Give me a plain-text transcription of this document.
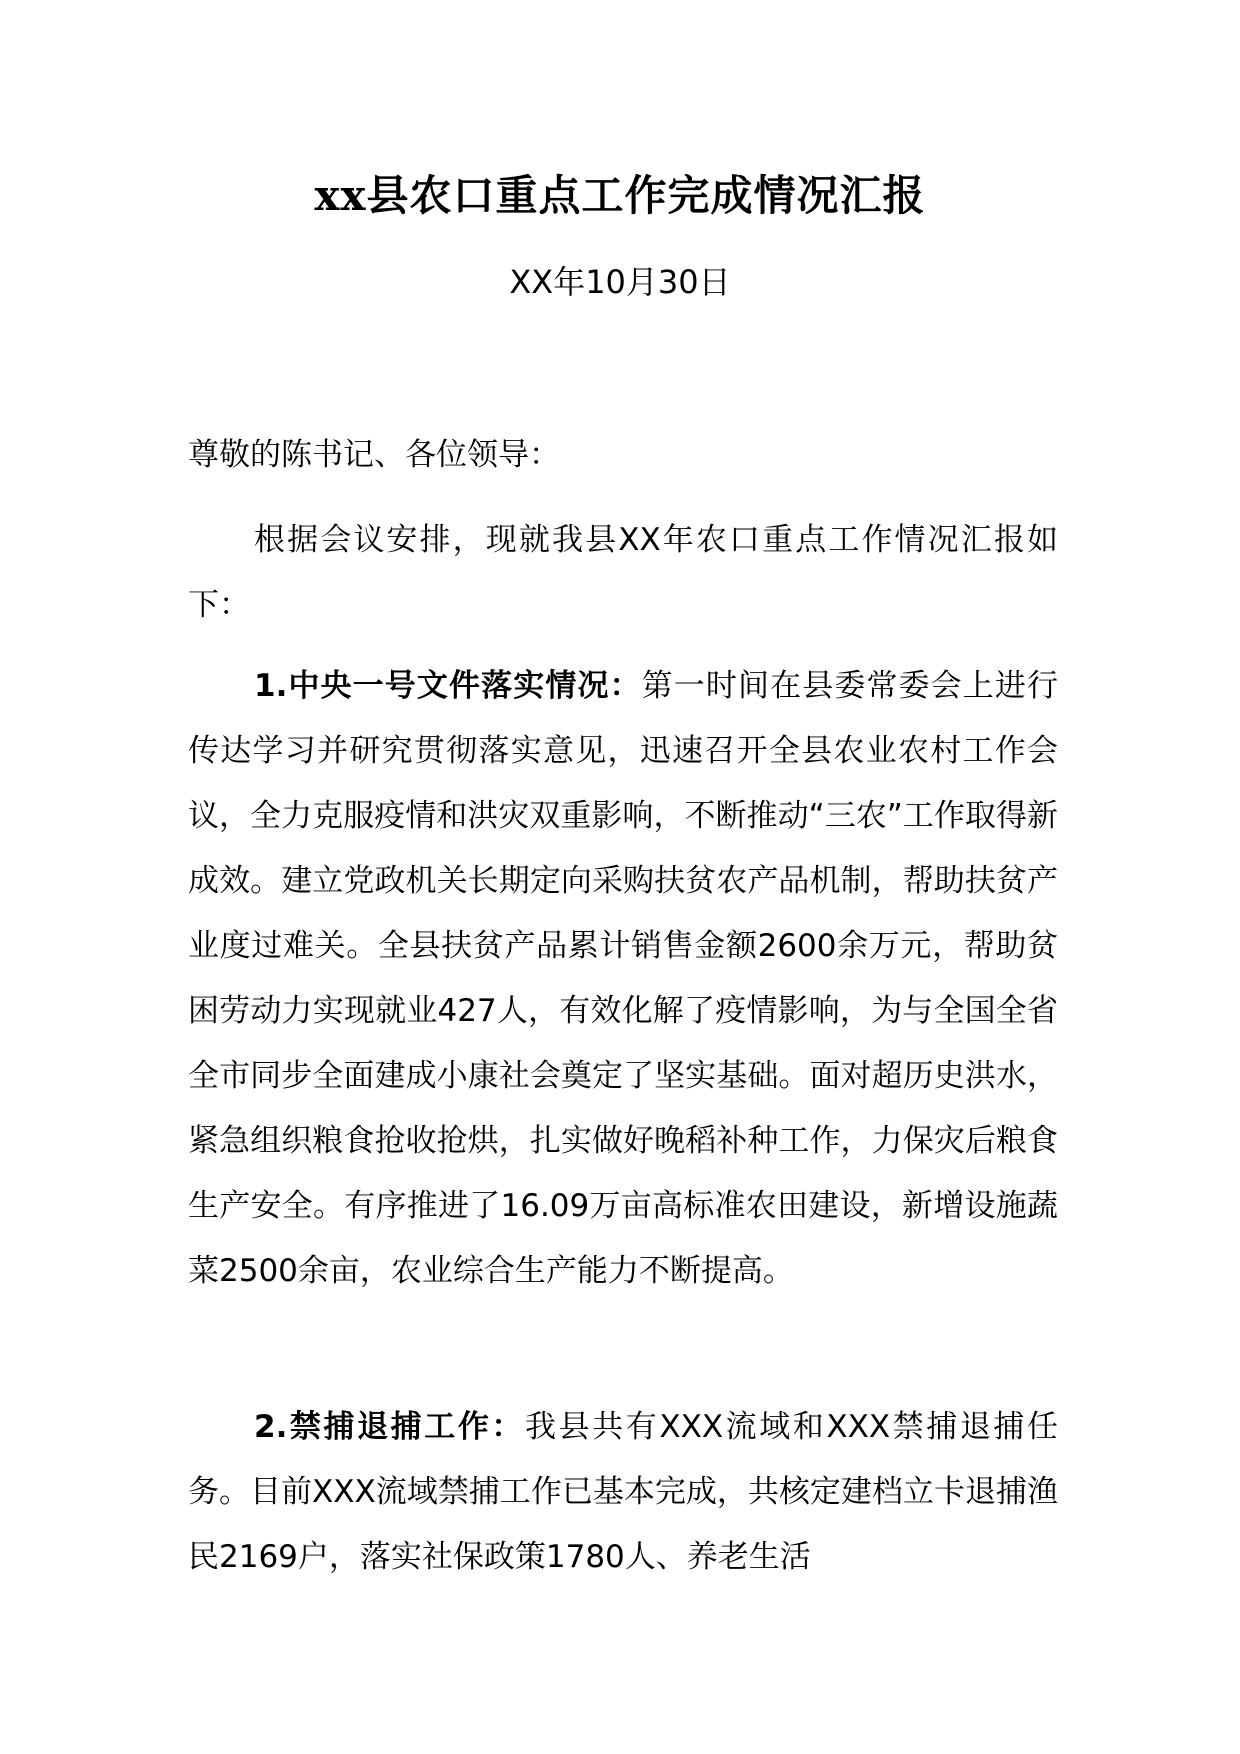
xx县农口重点工作完成情况汇报
XX年10月30日
尊敬的陈书记、各位领导：
根据会议安排，现就我县XX年农口重点工作情况汇报如下：
1.中央一号文件落实情况：第一时间在县委常委会上进行传达学习并研究贯彻落实意见，迅速召开全县农业农村工作会议，全力克服疫情和洪灾双重影响，不断推动“三农”工作取得新成效。建立党政机关长期定向采购扶贫农产品机制，帮助扶贫产业度过难关。全县扶贫产品累计销售金额2600余万元，帮助贫困劳动力实现就业427人，有效化解了疫情影响，为与全国全省全市同步全面建成小康社会奠定了坚实基础。面对超历史洪水，紧急组织粮食抢收抢烘，扎实做好晚稻补种工作，力保灾后粮食生产安全。有序推进了16.09万亩高标准农田建设，新增设施蔬菜2500余亩，农业综合生产能力不断提高。
2.禁捕退捕工作：我县共有XXX流域和XXX禁捕退捕任务。目前XXX流域禁捕工作已基本完成，共核定建档立卡退捕渔民2169户，落实社保政策1780人、养老生活
